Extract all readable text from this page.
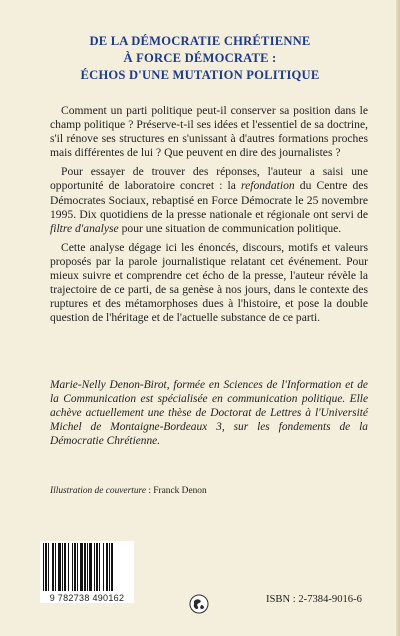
DE LA DÉMOCRATIE CHRÉTIENNE
À FORCE DÉMOCRATE :
ÉCHOS D'UNE MUTATION POLITIQUE

Comment un parti politique peut-il conserver sa position dans le champ politique ? Préserve-t-il ses idées et l'essentiel de sa doctrine, s'il rénove ses structures en s'unissant à d'autres formations proches mais différentes de lui ? Que peuvent en dire des journalistes ?

Pour essayer de trouver des réponses, l'auteur a saisi une opportunité de laboratoire concret : la refondation du Centre des Démocrates Sociaux, rebaptisé en Force Démocrate le 25 novembre 1995. Dix quotidiens de la presse nationale et régionale ont servi de filtre d'analyse pour une situation de communication politique.

Cette analyse dégage ici les énoncés, discours, motifs et valeurs proposés par la parole journalistique relatant cet événement. Pour mieux suivre et comprendre cet écho de la presse, l'auteur révèle la trajectoire de ce parti, de sa genèse à nos jours, dans le contexte des ruptures et des métamorphoses dues à l'histoire, et pose la double question de l'héritage et de l'actuelle substance de ce parti.

Marie-Nelly Denon-Birot, formée en Sciences de l'Information et de la Communication est spécialisée en communication politique. Elle achève actuellement une thèse de Doctorat de Lettres à l'Université Michel de Montaigne-Bordeaux 3, sur les fondements de la Démocratie Chrétienne.
Illustration de couverture : Franck Denon
9 782738 490162	ISBN : 2-7384-9016-6
